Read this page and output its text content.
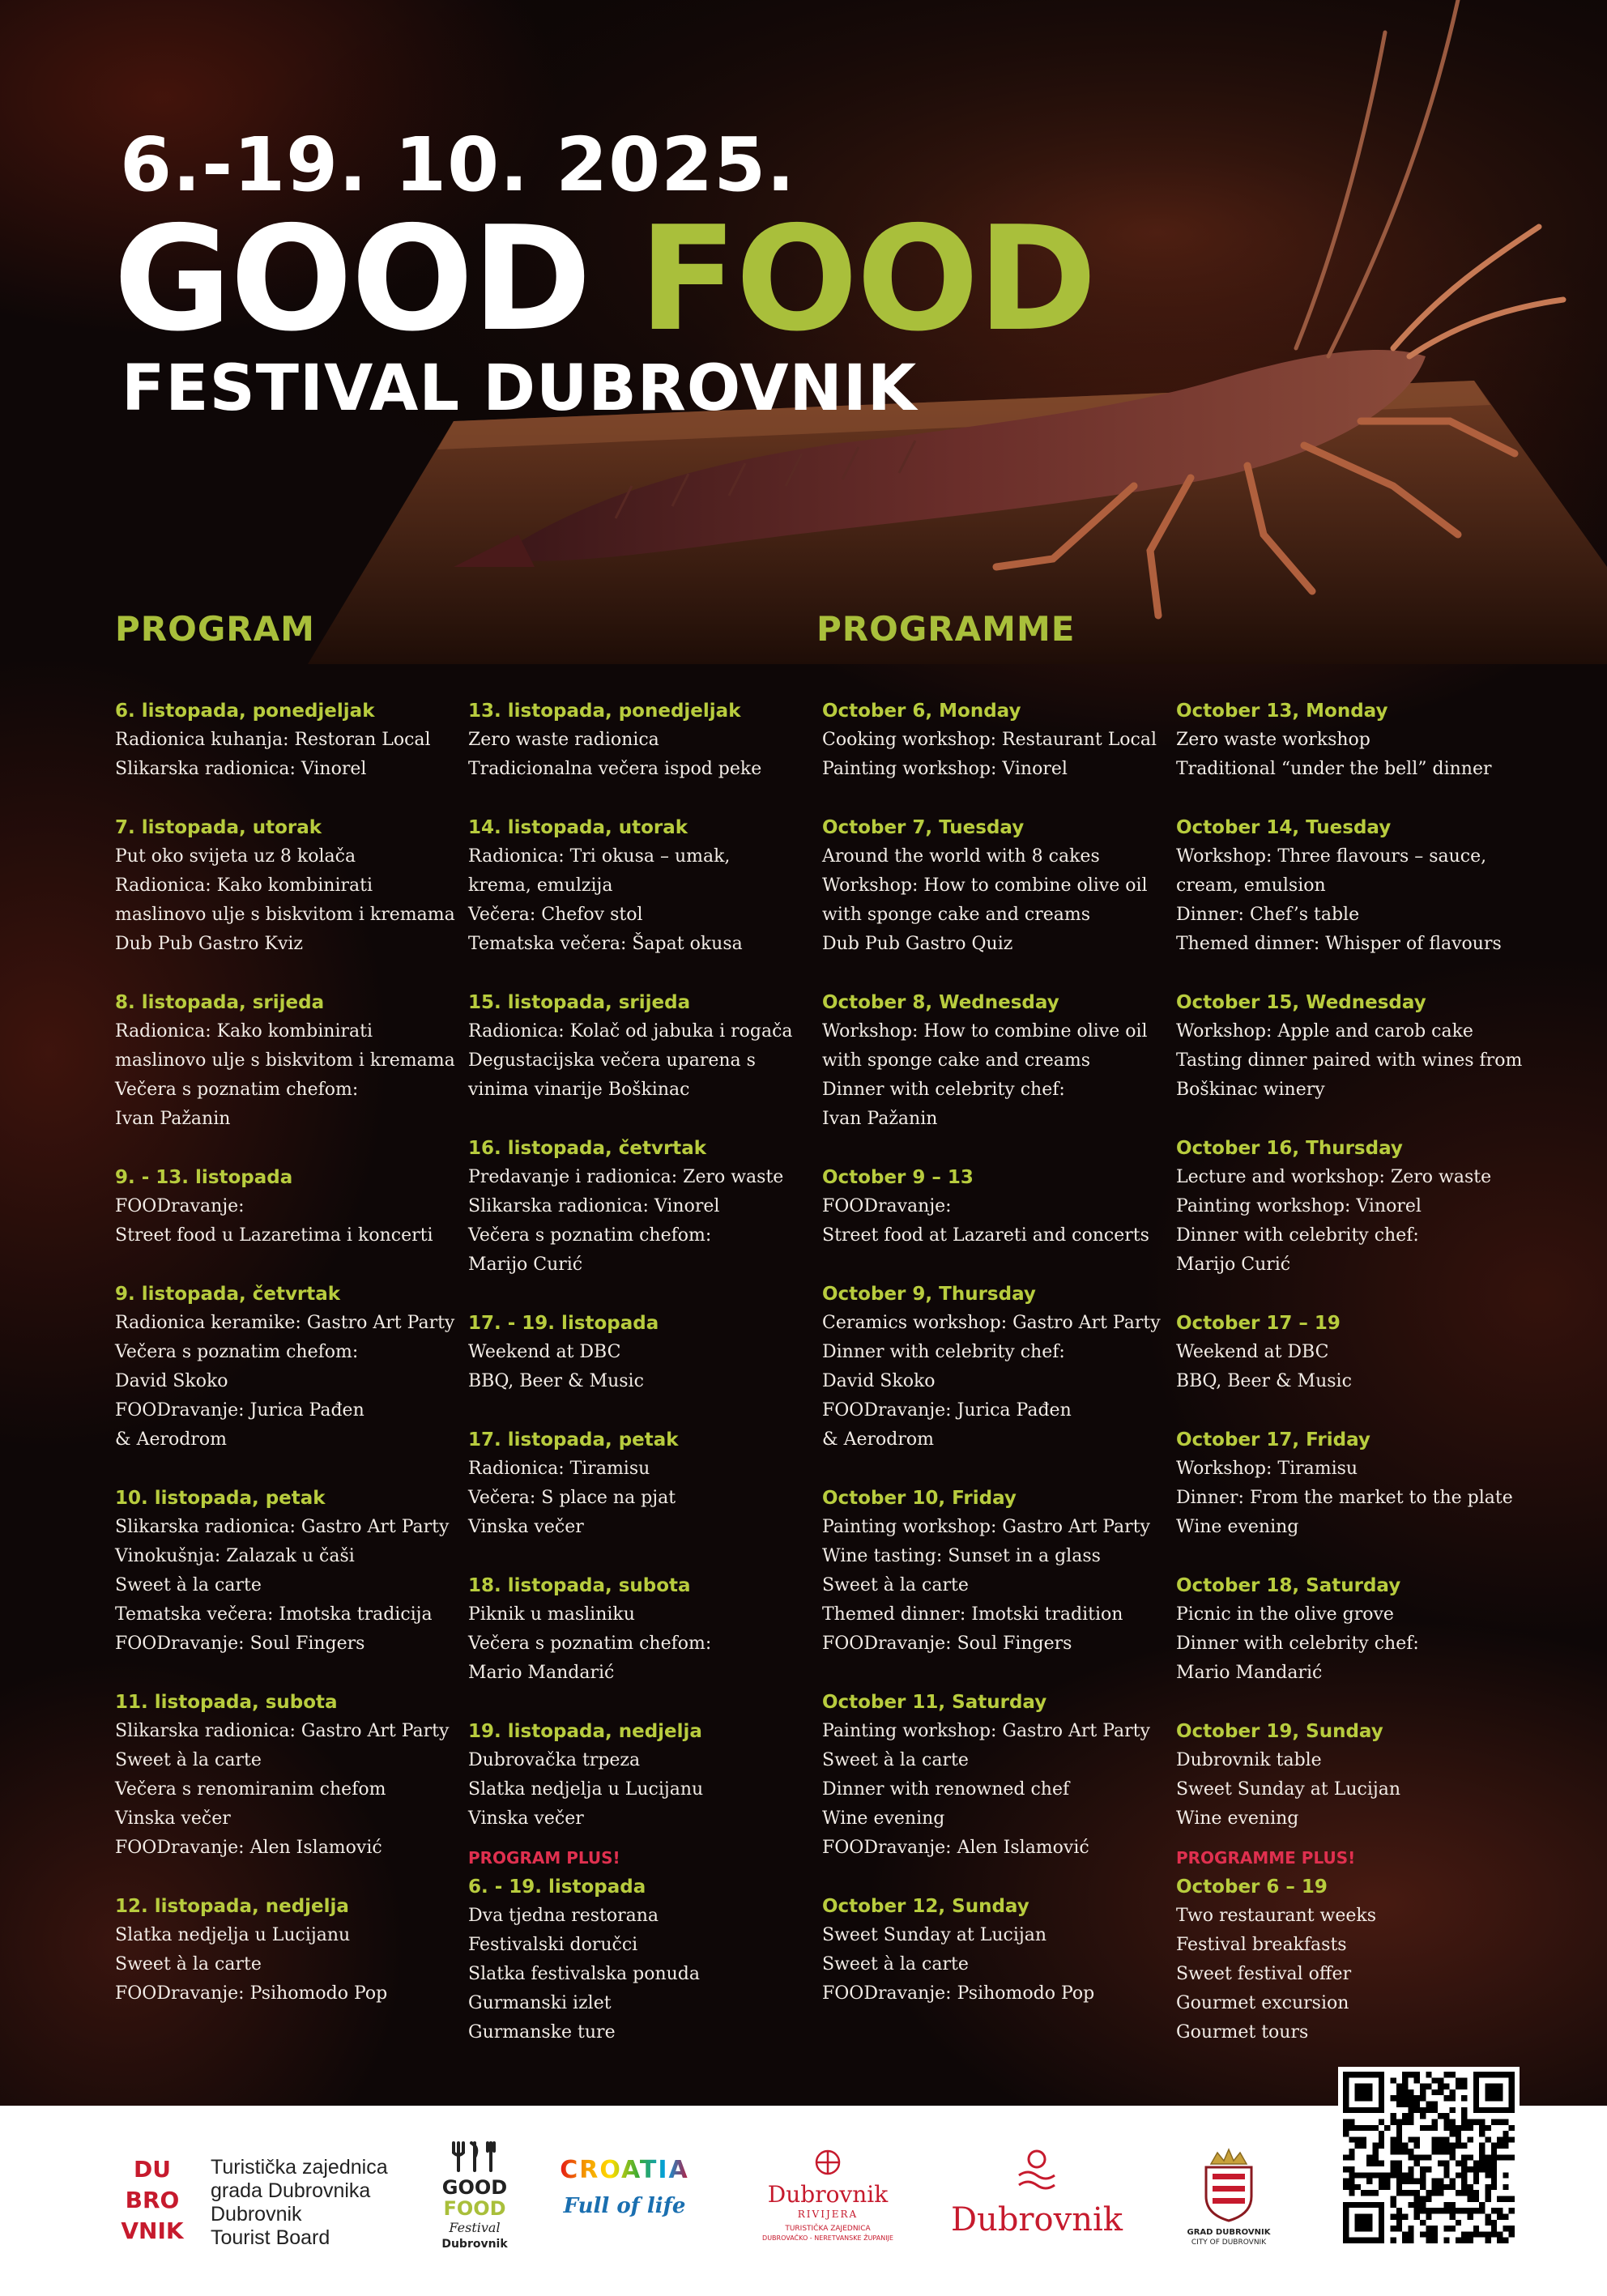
6.-19. 10. 2025.
GOOD FOOD
FESTIVAL DUBROVNIK
PROGRAM	PROGRAMME
6. listopada, ponedjeljak
Radionica kuhanja: Restoran Local
Slikarska radionica: Vinorel
7. listopada, utorak
Put oko svijeta uz 8 kolača
Radionica: Kako kombinirati
maslinovo ulje s biskvitom i kremama
Dub Pub Gastro Kviz
8. listopada, srijeda
Radionica: Kako kombinirati
maslinovo ulje s biskvitom i kremama
Večera s poznatim chefom:
Ivan Pažanin
9. - 13. listopada
FOODravanje:
Street food u Lazaretima i koncerti
9. listopada, četvrtak
Radionica keramike: Gastro Art Party
Večera s poznatim chefom:
David Skoko
FOODravanje: Jurica Pađen
& Aerodrom
10. listopada, petak
Slikarska radionica: Gastro Art Party
Vinokušnja: Zalazak u čaši
Sweet à la carte
Tematska večera: Imotska tradicija
FOODravanje: Soul Fingers
11. listopada, subota
Slikarska radionica: Gastro Art Party
Sweet à la carte
Večera s renomiranim chefom
Vinska večer
FOODravanje: Alen Islamović
12. listopada, nedjelja
Slatka nedjelja u Lucijanu
Sweet à la carte
FOODravanje: Psihomodo Pop
13. listopada, ponedjeljak
Zero waste radionica
Tradicionalna večera ispod peke
14. listopada, utorak
Radionica: Tri okusa – umak,
krema, emulzija
Večera: Chefov stol
Tematska večera: Šapat okusa
15. listopada, srijeda
Radionica: Kolač od jabuka i rogača
Degustacijska večera uparena s
vinima vinarije Boškinac
16. listopada, četvrtak
Predavanje i radionica: Zero waste
Slikarska radionica: Vinorel
Večera s poznatim chefom:
Marijo Curić
17. - 19. listopada
Weekend at DBC
BBQ, Beer & Music
17. listopada, petak
Radionica: Tiramisu
Večera: S place na pjat
Vinska večer
18. listopada, subota
Piknik u masliniku
Večera s poznatim chefom:
Mario Mandarić
19. listopada, nedjelja
Dubrovačka trpeza
Slatka nedjelja u Lucijanu
Vinska večer
PROGRAM PLUS!
6. - 19. listopada
Dva tjedna restorana
Festivalski doručci
Slatka festivalska ponuda
Gurmanski izlet
Gurmanske ture
October 6, Monday
Cooking workshop: Restaurant Local
Painting workshop: Vinorel
October 7, Tuesday
Around the world with 8 cakes
Workshop: How to combine olive oil
with sponge cake and creams
Dub Pub Gastro Quiz
October 8, Wednesday
Workshop: How to combine olive oil
with sponge cake and creams
Dinner with celebrity chef:
Ivan Pažanin
October 9 – 13
FOODravanje:
Street food at Lazareti and concerts
October 9, Thursday
Ceramics workshop: Gastro Art Party
Dinner with celebrity chef:
David Skoko
FOODravanje: Jurica Pađen
& Aerodrom
October 10, Friday
Painting workshop: Gastro Art Party
Wine tasting: Sunset in a glass
Sweet à la carte
Themed dinner: Imotski tradition
FOODravanje: Soul Fingers
October 11, Saturday
Painting workshop: Gastro Art Party
Sweet à la carte
Dinner with renowned chef
Wine evening
FOODravanje: Alen Islamović
October 12, Sunday
Sweet Sunday at Lucijan
Sweet à la carte
FOODravanje: Psihomodo Pop
October 13, Monday
Zero waste workshop
Traditional “under the bell” dinner
October 14, Tuesday
Workshop: Three flavours – sauce,
cream, emulsion
Dinner: Chef’s table
Themed dinner: Whisper of flavours
October 15, Wednesday
Workshop: Apple and carob cake
Tasting dinner paired with wines from
Boškinac winery
October 16, Thursday
Lecture and workshop: Zero waste
Painting workshop: Vinorel
Dinner with celebrity chef:
Marijo Curić
October 17 – 19
Weekend at DBC
BBQ, Beer & Music
October 17, Friday
Workshop: Tiramisu
Dinner: From the market to the plate
Wine evening
October 18, Saturday
Picnic in the olive grove
Dinner with celebrity chef:
Mario Mandarić
October 19, Sunday
Dubrovnik table
Sweet Sunday at Lucijan
Wine evening
PROGRAMME PLUS!
October 6 – 19
Two restaurant weeks
Festival breakfasts
Sweet festival offer
Gourmet excursion
Gourmet tours
DU
BRO
VNIK
Turistička zajednica
grada Dubrovnika
Dubrovnik
Tourist Board
GOOD
FOOD
Festival
Dubrovnik
CROATIA
Full of life	Dubrovnik
RIVIJERA
TURISTIČKA ZAJEDNICA
DUBROVAČKO - NERETVANSKE ŽUPANIJE	Dubrovnik	GRAD DUBROVNIK
CITY OF DUBROVNIK
